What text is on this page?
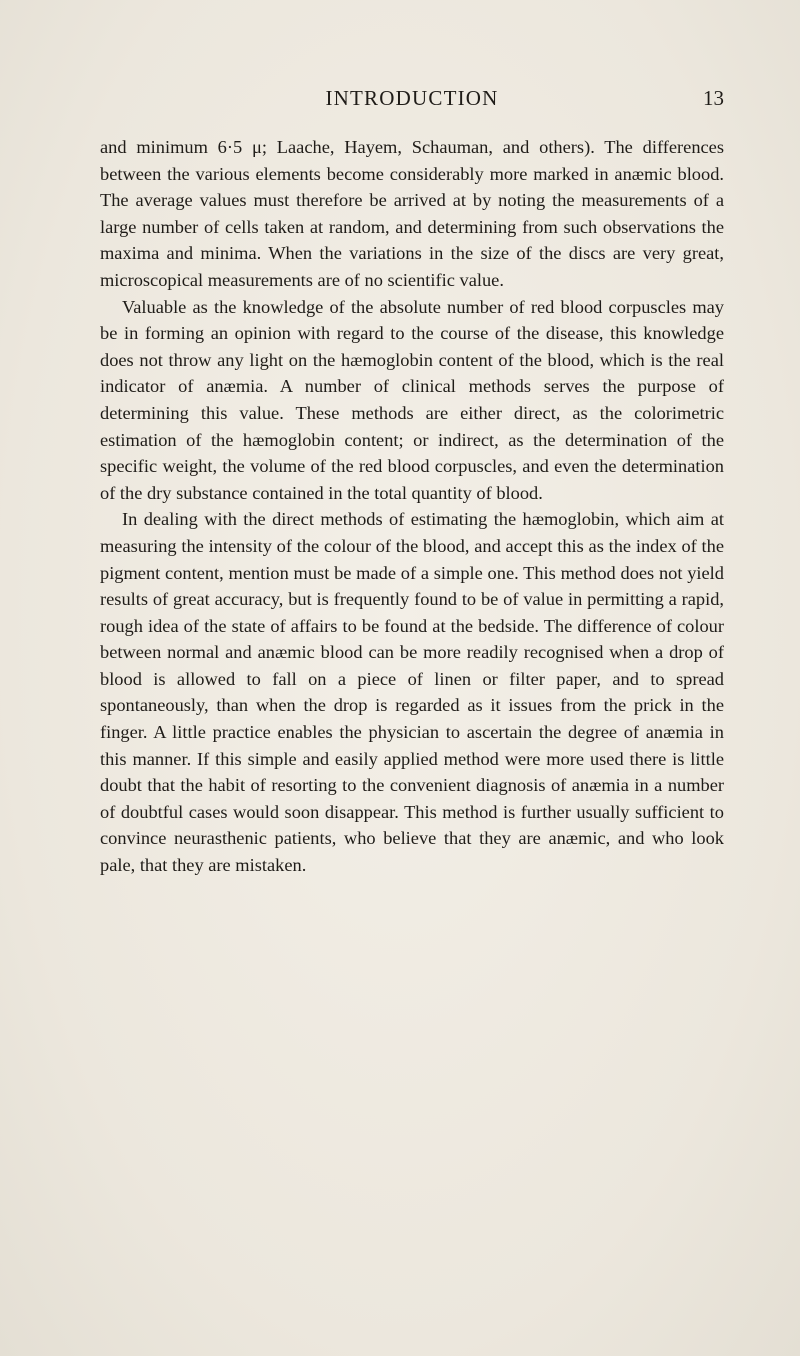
INTRODUCTION	13

and minimum 6·5 μ; Laache, Hayem, Schauman, and others). The differences between the various elements become considerably more marked in anæmic blood. The average values must therefore be arrived at by noting the measurements of a large number of cells taken at random, and determining from such observations the maxima and minima. When the variations in the size of the discs are very great, microscopical measurements are of no scientific value.

Valuable as the knowledge of the absolute number of red blood corpuscles may be in forming an opinion with regard to the course of the disease, this knowledge does not throw any light on the hæmoglobin content of the blood, which is the real indicator of anæmia. A number of clinical methods serves the purpose of determining this value. These methods are either direct, as the colorimetric estimation of the hæmoglobin content; or indirect, as the determination of the specific weight, the volume of the red blood corpuscles, and even the determination of the dry substance contained in the total quantity of blood.

In dealing with the direct methods of estimating the hæmoglobin, which aim at measuring the intensity of the colour of the blood, and accept this as the index of the pigment content, mention must be made of a simple one. This method does not yield results of great accuracy, but is frequently found to be of value in permitting a rapid, rough idea of the state of affairs to be found at the bedside. The difference of colour between normal and anæmic blood can be more readily recognised when a drop of blood is allowed to fall on a piece of linen or filter paper, and to spread spontaneously, than when the drop is regarded as it issues from the prick in the finger. A little practice enables the physician to ascertain the degree of anæmia in this manner. If this simple and easily applied method were more used there is little doubt that the habit of resorting to the convenient diagnosis of anæmia in a number of doubtful cases would soon disappear. This method is further usually sufficient to convince neurasthenic patients, who believe that they are anæmic, and who look pale, that they are mistaken.
